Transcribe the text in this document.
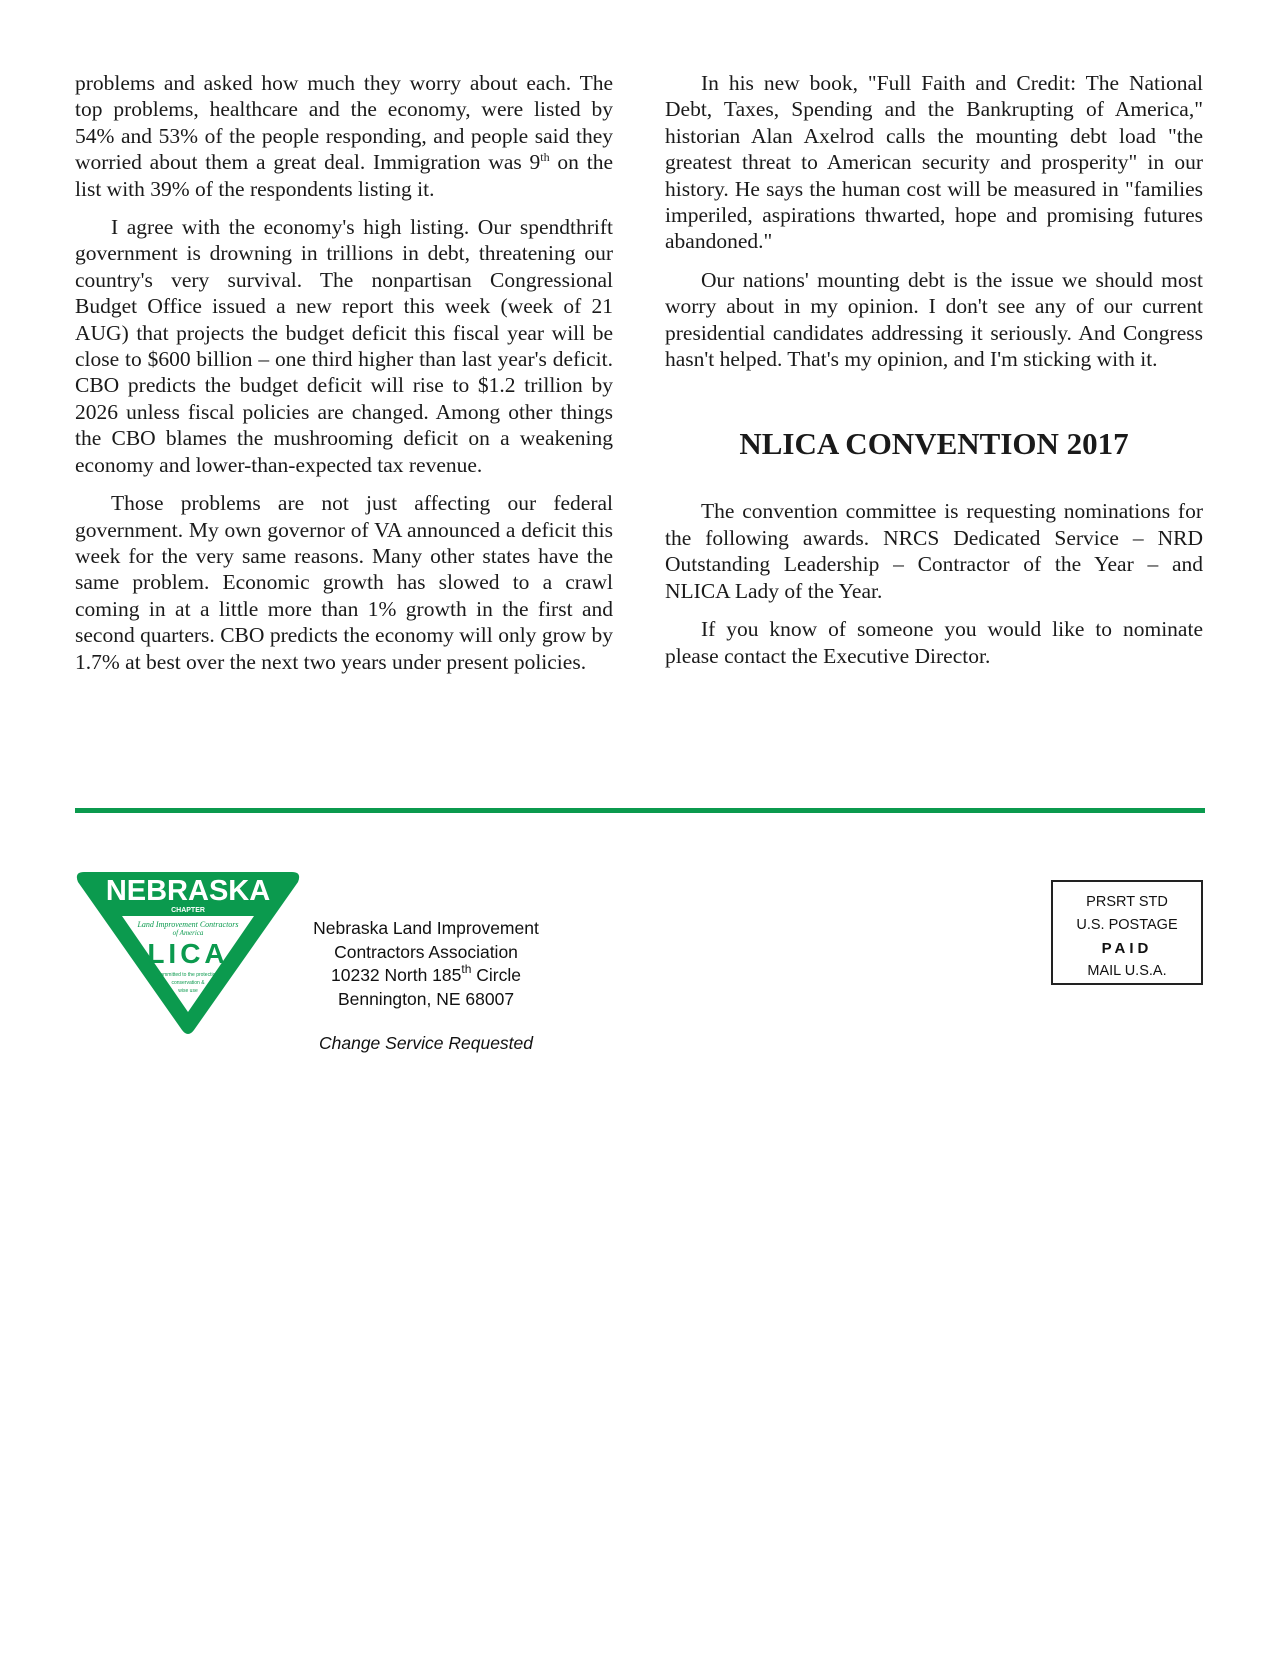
problems and asked how much they worry about each. The top problems, healthcare and the economy, were listed by 54% and 53% of the people responding, and people said they worried about them a great deal. Immigration was 9th on the list with 39% of the respondents listing it.

I agree with the economy's high listing. Our spendthrift government is drowning in trillions in debt, threatening our country's very survival. The nonpartisan Congressional Budget Office issued a new report this week (week of 21 AUG) that projects the budget deficit this fiscal year will be close to $600 billion – one third higher than last year's deficit. CBO predicts the budget deficit will rise to $1.2 trillion by 2026 unless fiscal policies are changed. Among other things the CBO blames the mushrooming deficit on a weakening economy and lower-than-expected tax revenue.

Those problems are not just affecting our federal government. My own governor of VA announced a deficit this week for the very same reasons. Many other states have the same problem. Economic growth has slowed to a crawl coming in at a little more than 1% growth in the first and second quarters. CBO predicts the economy will only grow by 1.7% at best over the next two years under present policies.

In his new book, "Full Faith and Credit: The National Debt, Taxes, Spending and the Bankrupting of America," historian Alan Axelrod calls the mounting debt load "the greatest threat to American security and prosperity" in our history. He says the human cost will be measured in "families imperiled, aspirations thwarted, hope and promising futures abandoned."

Our nations' mounting debt is the issue we should most worry about in my opinion. I don't see any of our current presidential candidates addressing it seriously. And Congress hasn't helped. That's my opinion, and I'm sticking with it.

NLICA CONVENTION 2017

The convention committee is requesting nominations for the following awards. NRCS Dedicated Service – NRD Outstanding Leadership – Contractor of the Year – and NLICA Lady of the Year.

If you know of someone you would like to nominate please contact the Executive Director.

NEBRASKA
CHAPTER
Land Improvement Contractors
of America
LICA
committed to the protection
conservation &
wise use
Nebraska Land Improvement
Contractors Association
10232 North 185th Circle
Bennington, NE 68007
Change Service Requested
PRSRT STD
U.S. POSTAGE
PAID
MAIL U.S.A.
